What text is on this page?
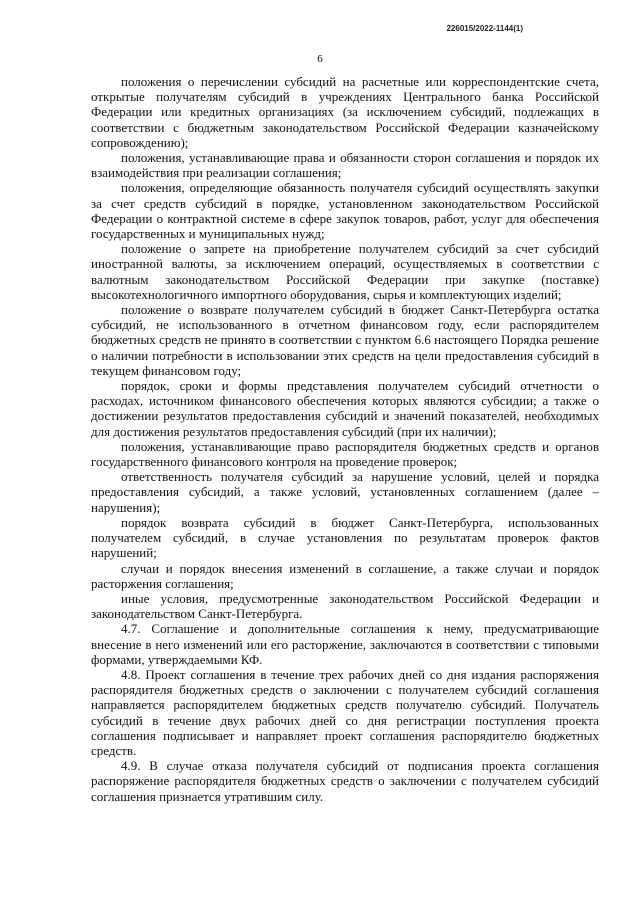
226015/2022-1144(1)
6

положения о перечислении субсидий на расчетные или корреспондентские счета, открытые получателям субсидий в учреждениях Центрального банка Российской Федерации или кредитных организациях (за исключением субсидий, подлежащих в соответствии с бюджетным законодательством Российской Федерации казначейскому сопровождению);

положения, устанавливающие права и обязанности сторон соглашения и порядок их взаимодействия при реализации соглашения;

положения, определяющие обязанность получателя субсидий осуществлять закупки за счет средств субсидий в порядке, установленном законодательством Российской Федерации о контрактной системе в сфере закупок товаров, работ, услуг для обеспечения государственных и муниципальных нужд;

положение о запрете на приобретение получателем субсидий за счет субсидий иностранной валюты, за исключением операций, осуществляемых в соответствии с валютным законодательством Российской Федерации при закупке (поставке) высокотехнологичного импортного оборудования, сырья и комплектующих изделий;

положение о возврате получателем субсидий в бюджет Санкт-Петербурга остатка субсидий, не использованного в отчетном финансовом году, если распорядителем бюджетных средств не принято в соответствии с пунктом 6.6 настоящего Порядка решение о наличии потребности в использовании этих средств на цели предоставления субсидий в текущем финансовом году;

порядок, сроки и формы представления получателем субсидий отчетности о расходах, источником финансового обеспечения которых являются субсидии; а также о достижении результатов предоставления субсидий и значений показателей, необходимых для достижения результатов предоставления субсидий (при их наличии);

положения, устанавливающие право распорядителя бюджетных средств и органов государственного финансового контроля на проведение проверок;

ответственность получателя субсидий за нарушение условий, целей и порядка предоставления субсидий, а также условий, установленных соглашением (далее – нарушения);

порядок возврата субсидий в бюджет Санкт-Петербурга, использованных получателем субсидий, в случае установления по результатам проверок фактов нарушений;

случаи и порядок внесения изменений в соглашение, а также случаи и порядок расторжения соглашения;

иные условия, предусмотренные законодательством Российской Федерации и законодательством Санкт-Петербурга.

4.7. Соглашение и дополнительные соглашения к нему, предусматривающие внесение в него изменений или его расторжение, заключаются в соответствии с типовыми формами, утверждаемыми КФ.

4.8. Проект соглашения в течение трех рабочих дней со дня издания распоряжения распорядителя бюджетных средств о заключении с получателем субсидий соглашения направляется распорядителем бюджетных средств получателю субсидий. Получатель субсидий в течение двух рабочих дней со дня регистрации поступления проекта соглашения подписывает и направляет проект соглашения распорядителю бюджетных средств.

4.9. В случае отказа получателя субсидий от подписания проекта соглашения распоряжение распорядителя бюджетных средств о заключении с получателем субсидий соглашения признается утратившим силу.
